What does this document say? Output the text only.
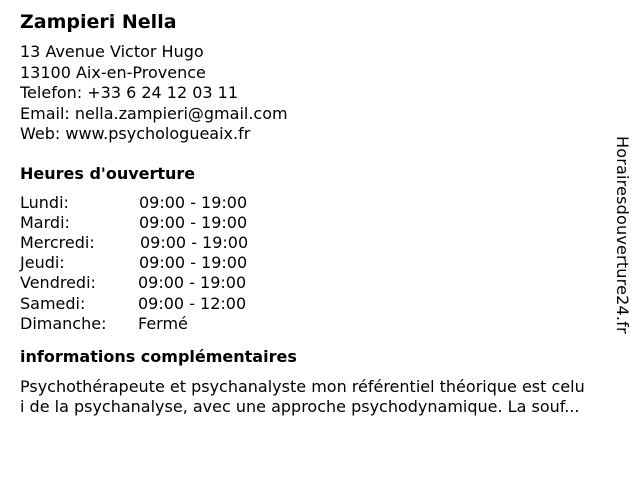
Zampieri Nella
13 Avenue Victor Hugo
13100 Aix-en-Provence
Telefon: +33 6 24 12 03 11
Email: nella.zampieri@gmail.com
Web: www.psychologueaix.fr
Heures d'ouverture
Lundi:	09:00 - 19:00
Mardi:	09:00 - 19:00
Mercredi:	09:00 - 19:00
Jeudi:	09:00 - 19:00
Vendredi:	09:00 - 19:00
Samedi:	09:00 - 12:00
Dimanche:	Fermé
informations complémentaires
Psychothérapeute et psychanalyste mon référentiel théorique est celu
i de la psychanalyse, avec une approche psychodynamique. La souf...
Horairesdouverture24.fr
